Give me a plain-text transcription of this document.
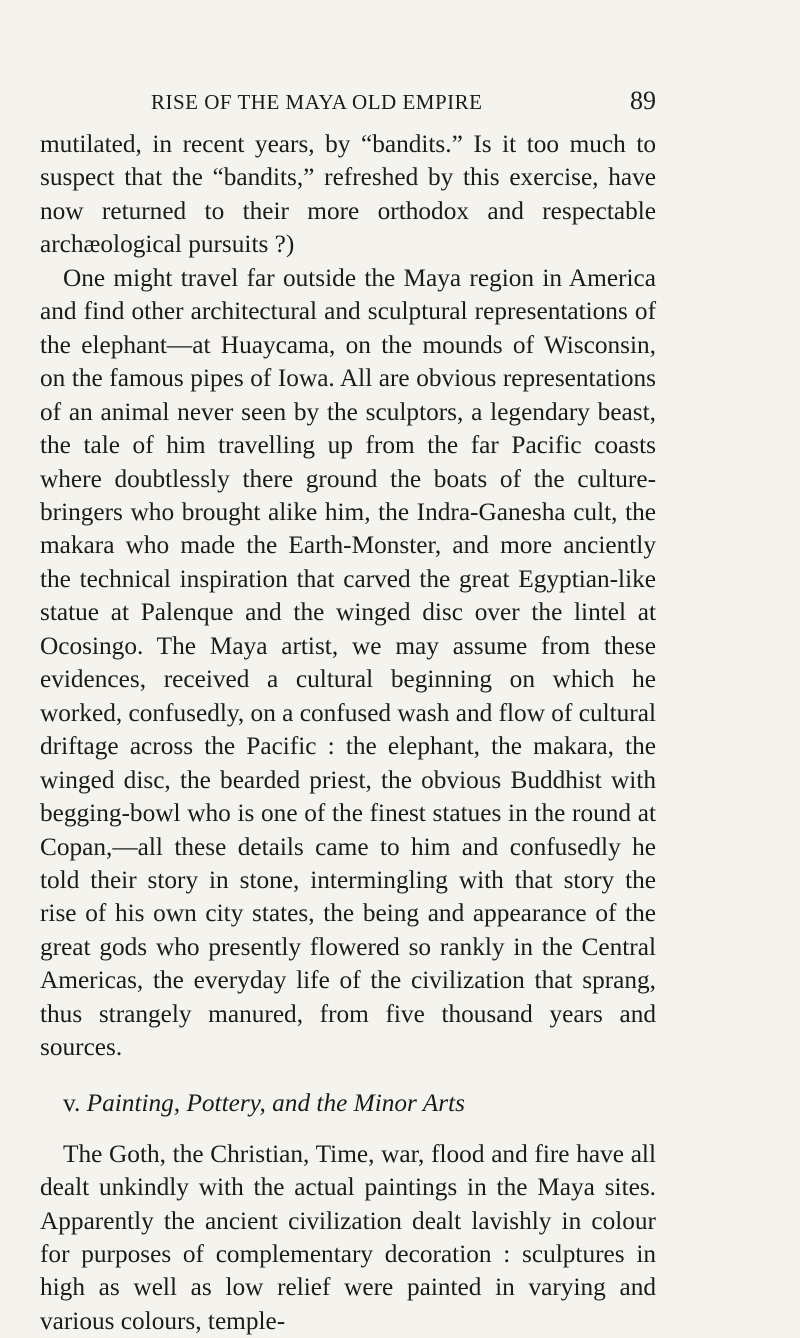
RISE OF THE MAYA OLD EMPIRE	89

mutilated, in recent years, by “bandits.” Is it too much to suspect that the “bandits,” refreshed by this exercise, have now returned to their more orthodox and respectable archæological pursuits ?)

One might travel far outside the Maya region in America and find other architectural and sculptural representations of the elephant—at Huaycama, on the mounds of Wisconsin, on the famous pipes of Iowa. All are obvious representations of an animal never seen by the sculptors, a legendary beast, the tale of him travelling up from the far Pacific coasts where doubtlessly there ground the boats of the culture-bringers who brought alike him, the Indra-Ganesha cult, the makara who made the Earth-Monster, and more anciently the technical inspiration that carved the great Egyptian-like statue at Palenque and the winged disc over the lintel at Ocosingo. The Maya artist, we may assume from these evidences, received a cultural beginning on which he worked, confusedly, on a confused wash and flow of cultural driftage across the Pacific : the elephant, the makara, the winged disc, the bearded priest, the obvious Buddhist with begging-bowl who is one of the finest statues in the round at Copan,—all these details came to him and confusedly he told their story in stone, intermingling with that story the rise of his own city states, the being and appearance of the great gods who presently flowered so rankly in the Central Americas, the everyday life of the civilization that sprang, thus strangely manured, from five thousand years and sources.

v. Painting, Pottery, and the Minor Arts

The Goth, the Christian, Time, war, flood and fire have all dealt unkindly with the actual paintings in the Maya sites. Apparently the ancient civilization dealt lavishly in colour for purposes of complementary decoration : sculptures in high as well as low relief were painted in varying and various colours, temple-
